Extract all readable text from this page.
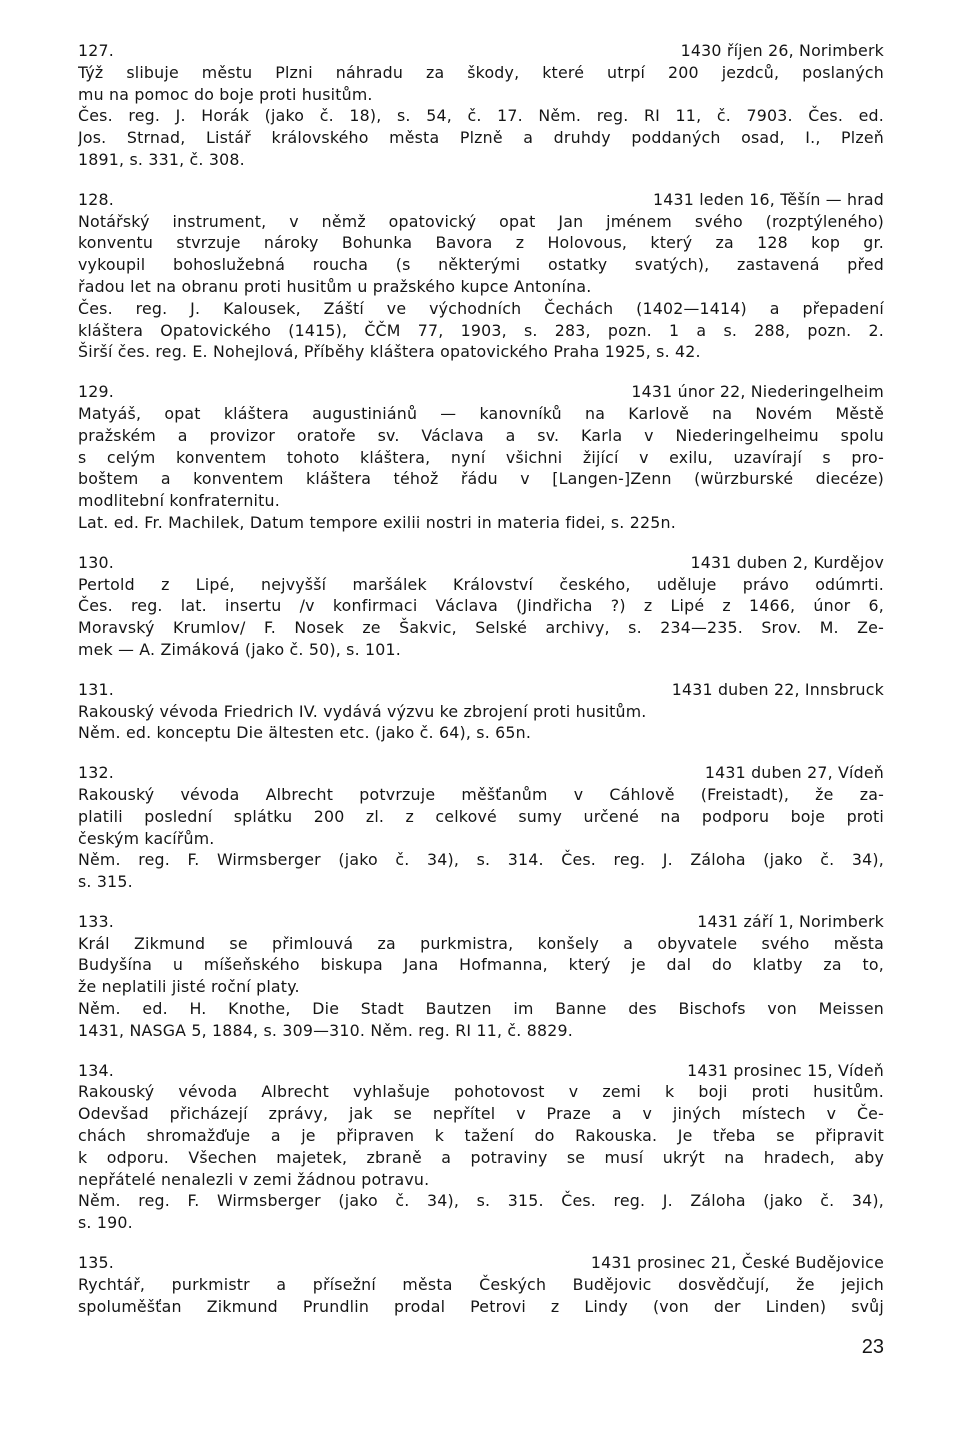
127.	1430 říjen 26, Norimberk
Týž slibuje městu Plzni náhradu za škody, které utrpí 200 jezdců, poslaných
mu na pomoc do boje proti husitům.
Čes. reg. J. Horák (jako č. 18), s. 54, č. 17. Něm. reg. RI 11, č. 7903. Čes. ed.
Jos. Strnad, Listář královského města Plzně a druhdy poddaných osad, I., Plzeň
1891, s. 331, č. 308.
128.	1431 leden 16, Těšín — hrad
Notářský instrument, v němž opatovický opat Jan jménem svého (rozptýleného)
konventu stvrzuje nároky Bohunka Bavora z Holovous, který za 128 kop gr.
vykoupil bohoslužebná roucha (s některými ostatky svatých), zastavená před
řadou let na obranu proti husitům u pražského kupce Antonína.
Čes. reg. J. Kalousek, Záští ve východních Čechách (1402—1414) a přepadení
kláštera Opatovického (1415), ČČM 77, 1903, s. 283, pozn. 1 a s. 288, pozn. 2.
Širší čes. reg. E. Nohejlová, Příběhy kláštera opatovického Praha 1925, s. 42.
129.	1431 únor 22, Niederingelheim
Matyáš, opat kláštera augustiniánů — kanovníků na Karlově na Novém Městě
pražském a provizor oratoře sv. Václava a sv. Karla v Niederingelheimu spolu
s celým konventem tohoto kláštera, nyní všichni žijící v exilu, uzavírají s pro-
boštem a konventem kláštera téhož řádu v [Langen-]Zenn (würzburské diecéze)
modlitební konfraternitu.
Lat. ed. Fr. Machilek, Datum tempore exilii nostri in materia fidei, s. 225n.
130.	1431 duben 2, Kurdějov
Pertold z Lipé, nejvyšší maršálek Království českého, uděluje právo odúmrti.
Čes. reg. lat. insertu /v konfirmaci Václava (Jindřicha ?) z Lipé z 1466, únor 6,
Moravský Krumlov/ F. Nosek ze Šakvic, Selské archivy, s. 234—235. Srov. M. Ze-
mek — A. Zimáková (jako č. 50), s. 101.
131.	1431 duben 22, Innsbruck
Rakouský vévoda Friedrich IV. vydává výzvu ke zbrojení proti husitům.
Něm. ed. konceptu Die ältesten etc. (jako č. 64), s. 65n.
132.	1431 duben 27, Vídeň
Rakouský vévoda Albrecht potvrzuje měšťanům v Cáhlově (Freistadt), že za-
platili poslední splátku 200 zl. z celkové sumy určené na podporu boje proti
českým kacířům.
Něm. reg. F. Wirmsberger (jako č. 34), s. 314. Čes. reg. J. Záloha (jako č. 34),
s. 315.
133.	1431 září 1, Norimberk
Král Zikmund se přimlouvá za purkmistra, konšely a obyvatele svého města
Budyšína u míšeňského biskupa Jana Hofmanna, který je dal do klatby za to,
že neplatili jisté roční platy.
Něm. ed. H. Knothe, Die Stadt Bautzen im Banne des Bischofs von Meissen
1431, NASGA 5, 1884, s. 309—310. Něm. reg. RI 11, č. 8829.
134.	1431 prosinec 15, Vídeň
Rakouský vévoda Albrecht vyhlašuje pohotovost v zemi k boji proti husitům.
Odevšad přicházejí zprávy, jak se nepřítel v Praze a v jiných místech v Če-
chách shromažďuje a je připraven k tažení do Rakouska. Je třeba se připravit
k odporu. Všechen majetek, zbraně a potraviny se musí ukrýt na hradech, aby
nepřátelé nenalezli v zemi žádnou potravu.
Něm. reg. F. Wirmsberger (jako č. 34), s. 315. Čes. reg. J. Záloha (jako č. 34),
s. 190.
135.	1431 prosinec 21, České Budějovice
Rychtář, purkmistr a přísežní města Českých Budějovic dosvědčují, že jejich
spoluměšťan Zikmund Prundlin prodal Petrovi z Lindy (von der Linden) svůj
23
